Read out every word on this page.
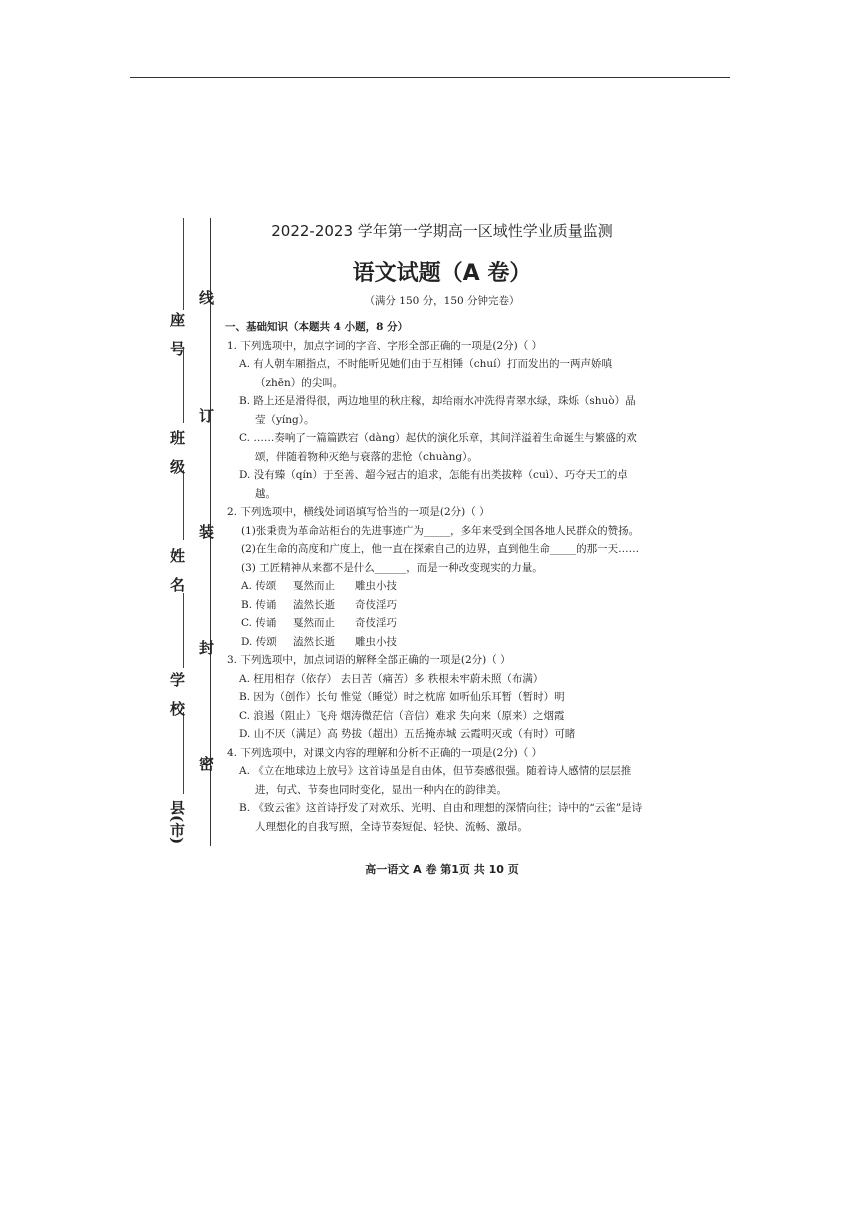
座号
班级
姓名
学校
县(市)
线
订
装
封
密
2022-2023 学年第一学期高一区域性学业质量监测
语文试题（A 卷）
（满分 150 分，150 分钟完卷）
一、基础知识（本题共 4 小题，8 分）
1. 下列选项中，加点字词的字音、字形全部正确的一项是(2分)（ ）
A. 有人朝车厢指点，不时能听见她们由于互相锤（chuí）打而发出的一两声娇嗔（zhēn）的尖叫。
B. 路上还是滑得很，两边地里的秋庄稼，却给雨水冲洗得青翠水绿，珠烁（shuò）晶莹（yíng）。
C. ……奏响了一篇篇跌宕（dàng）起伏的演化乐章，其间洋溢着生命诞生与繁盛的欢颂，伴随着物种灭绝与衰落的悲怆（chuàng）。
D. 没有臻（qín）于至善、超今冠古的追求，怎能有出类拔粹（cuì）、巧夺天工的卓越。
2. 下列选项中，横线处词语填写恰当的一项是(2分)（ ）
(1)张秉贵为革命站柜台的先进事迹广为_____，多年来受到全国各地人民群众的赞扬。
(2)在生命的高度和广度上，他一直在探索自己的边界，直到他生命_____的那一天……
(3) 工匠精神从来都不是什么______，而是一种改变现实的力量。
A. 传颂 戛然而止 雕虫小技
B. 传诵 溘然长逝 奇伎淫巧
C. 传诵 戛然而止 奇伎淫巧
D. 传颂 溘然长逝 雕虫小技
3. 下列选项中，加点词语的解释全部正确的一项是(2分)（ ）
A. 枉用相存（依存） 去日苦（痛苦）多 秩根未牢蔚未照（布满）
B. 因为（创作）长句 惟觉（睡觉）时之枕席 如听仙乐耳暂（暂时）明
C. 浪遏（阻止）飞舟 烟涛微茫信（音信）难求 失向来（原来）之烟霞
D. 山不厌（满足）高 势拔（超出）五岳掩赤城 云霞明灭或（有时）可睹
4. 下列选项中，对课文内容的理解和分析不正确的一项是(2分)（ ）
A. 《立在地球边上放号》这首诗虽是自由体，但节奏感很强。随着诗人感情的层层推进，句式、节奏也同时变化，显出一种内在的韵律美。
B. 《致云雀》这首诗抒发了对欢乐、光明、自由和理想的深情向往；诗中的“云雀”是诗人理想化的自我写照，全诗节奏短促、轻快、流畅、激昂。
高一语文 A 卷 第1页 共 10 页
